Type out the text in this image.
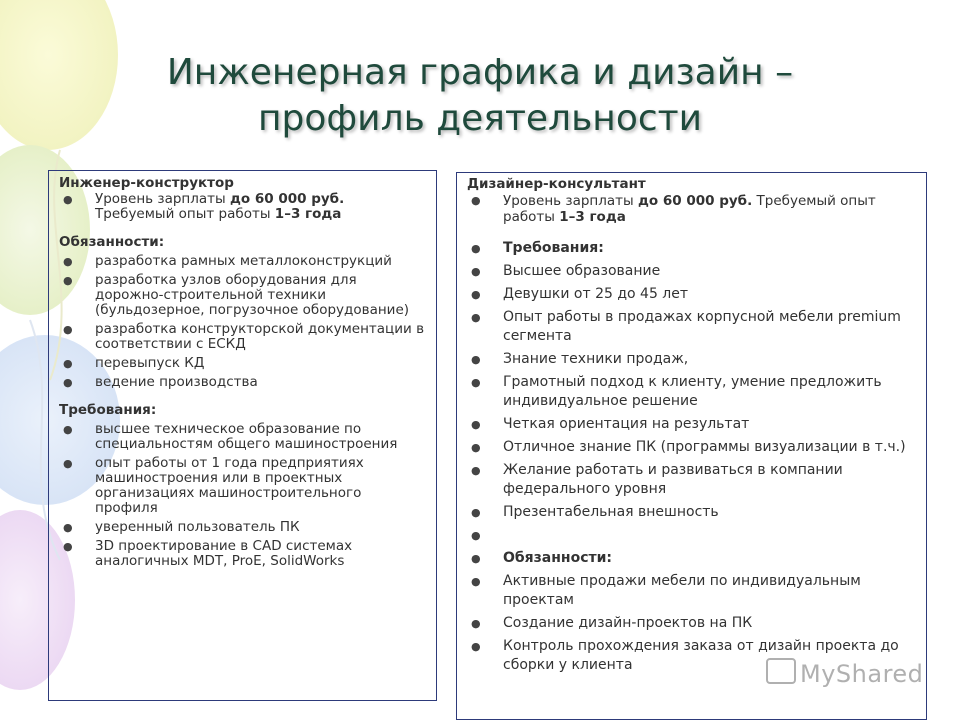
Инженерная графика и дизайн –
профиль деятельности
Инженер-конструктор
● Уровень зарплаты до 60 000 руб. Требуемый опыт работы 1–3 года
Обязанности:
● разработка рамных металлоконструкций
● разработка узлов оборудования для дорожно-строительной техники (бульдозерное, погрузочное оборудование)
● разработка конструкторской документации в соответствии с ЕСКД
● перевыпуск КД
● ведение производства
Требования:
● высшее техническое образование по специальностям общего машиностроения
● опыт работы от 1 года предприятиях машиностроения или в проектных организациях машиностроительного профиля
● уверенный пользователь ПК
● 3D проектирование в CAD системах аналогичных MDT, ProE, SolidWorks
Дизайнер-консультант
● Уровень зарплаты до 60 000 руб. Требуемый опыт работы 1–3 года
● Требования:
● Высшее образование
● Девушки от 25 до 45 лет
● Опыт работы в продажах корпусной мебели premium сегмента
● Знание техники продаж,
● Грамотный подход к клиенту, умение предложить индивидуальное решение
● Четкая ориентация на результат
● Отличное знание ПК (программы визуализации в т.ч.)
● Желание работать и развиваться в компании федерального уровня
● Презентабельная внешность
●
● Обязанности:
● Активные продажи мебели по индивидуальным проектам
● Создание дизайн-проектов на ПК
● Контроль прохождения заказа от дизайн проекта до сборки у клиента	MyShared
